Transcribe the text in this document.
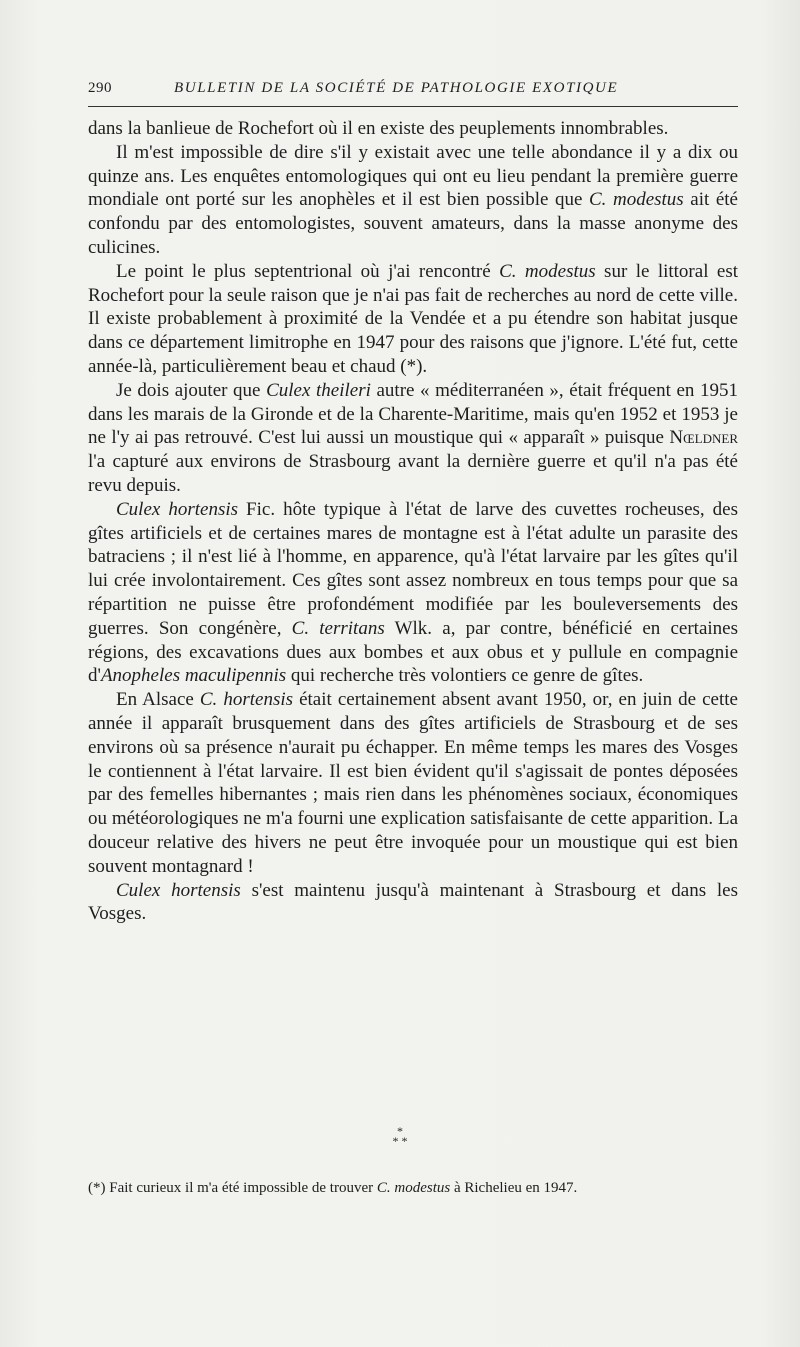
290	BULLETIN DE LA SOCIÉTÉ DE PATHOLOGIE EXOTIQUE

dans la banlieue de Rochefort où il en existe des peuplements innombrables.

Il m'est impossible de dire s'il y existait avec une telle abondance il y a dix ou quinze ans. Les enquêtes entomologiques qui ont eu lieu pendant la première guerre mondiale ont porté sur les anophèles et il est bien possible que C. modestus ait été confondu par des entomologistes, souvent amateurs, dans la masse anonyme des culicines.

Le point le plus septentrional où j'ai rencontré C. modestus sur le littoral est Rochefort pour la seule raison que je n'ai pas fait de recherches au nord de cette ville. Il existe probablement à proximité de la Vendée et a pu étendre son habitat jusque dans ce département limitrophe en 1947 pour des raisons que j'ignore. L'été fut, cette année-là, particulièrement beau et chaud (*).

Je dois ajouter que Culex theileri autre « méditerranéen », était fréquent en 1951 dans les marais de la Gironde et de la Charente-Maritime, mais qu'en 1952 et 1953 je ne l'y ai pas retrouvé. C'est lui aussi un moustique qui « apparaît » puisque Nœldner l'a capturé aux environs de Strasbourg avant la dernière guerre et qu'il n'a pas été revu depuis.

Culex hortensis Fic. hôte typique à l'état de larve des cuvettes rocheuses, des gîtes artificiels et de certaines mares de montagne est à l'état adulte un parasite des batraciens ; il n'est lié à l'homme, en apparence, qu'à l'état larvaire par les gîtes qu'il lui crée involontairement. Ces gîtes sont assez nombreux en tous temps pour que sa répartition ne puisse être profondément modifiée par les bouleversements des guerres. Son congénère, C. territans Wlk. a, par contre, bénéficié en certaines régions, des excavations dues aux bombes et aux obus et y pullule en compagnie d'Anopheles maculipennis qui recherche très volontiers ce genre de gîtes.

En Alsace C. hortensis était certainement absent avant 1950, or, en juin de cette année il apparaît brusquement dans des gîtes artificiels de Strasbourg et de ses environs où sa présence n'aurait pu échapper. En même temps les mares des Vosges le contiennent à l'état larvaire. Il est bien évident qu'il s'agissait de pontes déposées par des femelles hibernantes ; mais rien dans les phénomènes sociaux, économiques ou météorologiques ne m'a fourni une explication satisfaisante de cette apparition. La douceur relative des hivers ne peut être invoquée pour un moustique qui est bien souvent montagnard !

Culex hortensis s'est maintenu jusqu'à maintenant à Strasbourg et dans les Vosges.

*
* *
(*) Fait curieux il m'a été impossible de trouver C. modestus à Richelieu en 1947.
